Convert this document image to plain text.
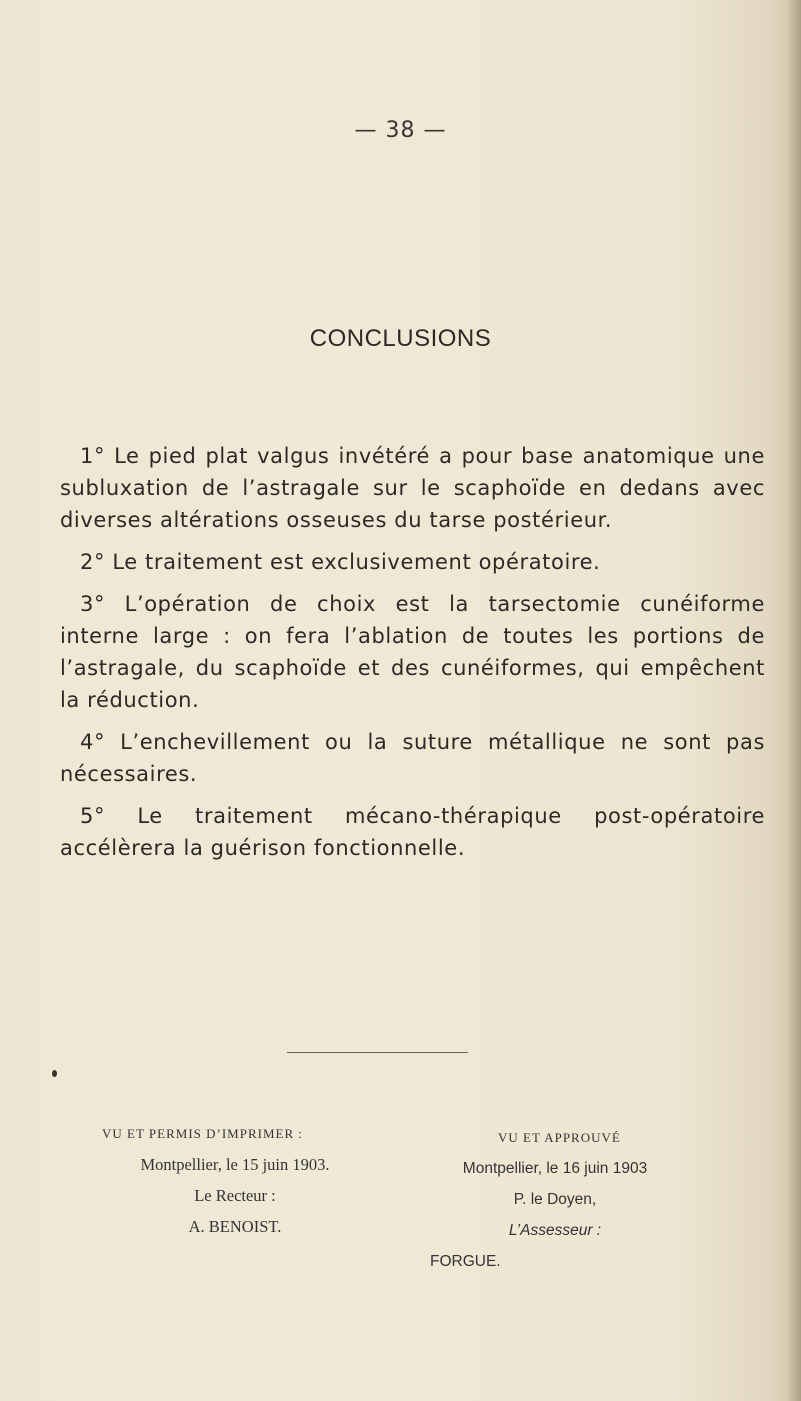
— 38 —
CONCLUSIONS

1° Le pied plat valgus invétéré a pour base anatomique une subluxation de l’astragale sur le scaphoïde en dedans avec diverses altérations osseuses du tarse postérieur.

2° Le traitement est exclusivement opératoire.

3° L’opération de choix est la tarsectomie cunéiforme interne large : on fera l’ablation de toutes les portions de l’astragale, du scaphoïde et des cunéiformes, qui empêchent la réduction.

4° L’enchevillement ou la suture métallique ne sont pas nécessaires.

5° Le traitement mécano-thérapique post-opératoire accélèrera la guérison fonctionnelle.

VU ET PERMIS D’IMPRIMER :
Montpellier, le 15 juin 1903.
Le Recteur :
A. BENOIST.
VU ET APPROUVÉ
Montpellier, le 16 juin 1903
P. le Doyen,
L’Assesseur :
FORGUE.
